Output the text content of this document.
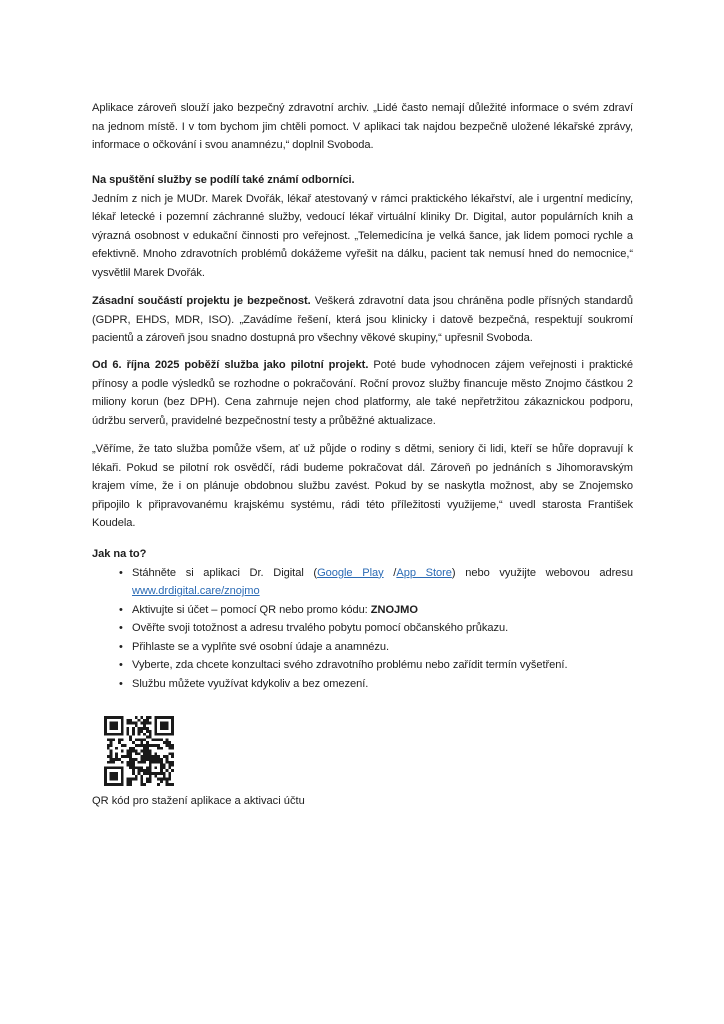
Aplikace zároveň slouží jako bezpečný zdravotní archiv. „Lidé často nemají důležité informace o svém zdraví na jednom místě. I v tom bychom jim chtěli pomoct. V aplikaci tak najdou bezpečně uložené lékařské zprávy, informace o očkování i svou anamnézu,“ doplnil Svoboda.
Na spuštění služby se podílí také známí odborníci.
Jedním z nich je MUDr. Marek Dvořák, lékař atestovaný v rámci praktického lékařství, ale i urgentní medicíny, lékař letecké i pozemní záchranné služby, vedoucí lékař virtuální kliniky Dr. Digital, autor populárních knih a výrazná osobnost v edukační činnosti pro veřejnost. „Telemedicína je velká šance, jak lidem pomoci rychle a efektivně. Mnoho zdravotních problémů dokážeme vyřešit na dálku, pacient tak nemusí hned do nemocnice,“ vysvětlil Marek Dvořák.
Zásadní součástí projektu je bezpečnost. Veškerá zdravotní data jsou chráněna podle přísných standardů (GDPR, EHDS, MDR, ISO). „Zavádíme řešení, která jsou klinicky i datově bezpečná, respektují soukromí pacientů a zároveň jsou snadno dostupná pro všechny věkové skupiny,“ upřesnil Svoboda.
Od 6. října 2025 poběží služba jako pilotní projekt. Poté bude vyhodnocen zájem veřejnosti i praktické přínosy a podle výsledků se rozhodne o pokračování. Roční provoz služby financuje město Znojmo částkou 2 miliony korun (bez DPH). Cena zahrnuje nejen chod platformy, ale také nepřetržitou zákaznickou podporu, údržbu serverů, pravidelné bezpečnostní testy a průběžné aktualizace.
„Věříme, že tato služba pomůže všem, ať už půjde o rodiny s dětmi, seniory či lidi, kteří se hůře dopravují k lékaři. Pokud se pilotní rok osvědčí, rádi budeme pokračovat dál. Zároveň po jednáních s Jihomoravským krajem víme, že i on plánuje obdobnou službu zavést. Pokud by se naskytla možnost, aby se Znojemsko připojilo k připravovanému krajskému systému, rádi této příležitosti využijeme,“ uvedl starosta František Koudela.
Jak na to?
• Stáhněte si aplikaci Dr. Digital (Google Play /App Store) nebo využijte webovou adresu www.drdigital.care/znojmo
• Aktivujte si účet – pomocí QR nebo promo kódu: ZNOJMO
• Ověřte svoji totožnost a adresu trvalého pobytu pomocí občanského průkazu.
• Přihlaste se a vyplňte své osobní údaje a anamnézu.
• Vyberte, zda chcete konzultaci svého zdravotního problému nebo zařídit termín vyšetření.
• Službu můžete využívat kdykoliv a bez omezení.
QR kód pro stažení aplikace a aktivaci účtu
